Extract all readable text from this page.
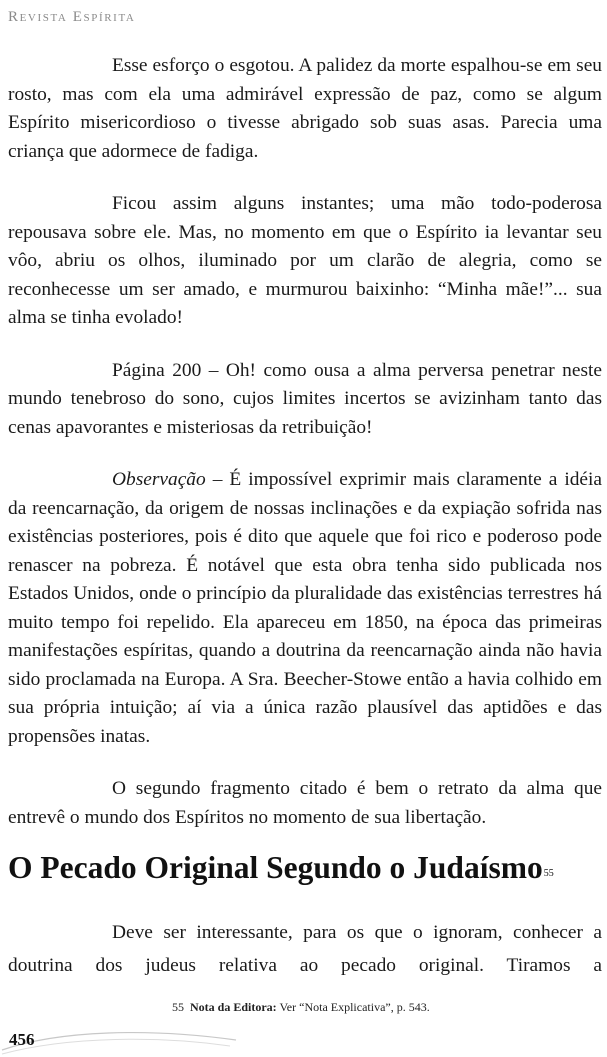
Revista Espírita

Esse esforço o esgotou. A palidez da morte espalhou-se em seu rosto, mas com ela uma admirável expressão de paz, como se algum Espírito misericordioso o tivesse abrigado sob suas asas. Parecia uma criança que adormece de fadiga.

Ficou assim alguns instantes; uma mão todo-poderosa repousava sobre ele. Mas, no momento em que o Espírito ia levantar seu vôo, abriu os olhos, iluminado por um clarão de alegria, como se reconhecesse um ser amado, e murmurou baixinho: “Minha mãe!”... sua alma se tinha evolado!

Página 200 – Oh! como ousa a alma perversa penetrar neste mundo tenebroso do sono, cujos limites incertos se avizinham tanto das cenas apavorantes e misteriosas da retribuição!

Observação – É impossível exprimir mais claramente a idéia da reencarnação, da origem de nossas inclinações e da expiação sofrida nas existências posteriores, pois é dito que aquele que foi rico e poderoso pode renascer na pobreza. É notável que esta obra tenha sido publicada nos Estados Unidos, onde o princípio da pluralidade das existências terrestres há muito tempo foi repelido. Ela apareceu em 1850, na época das primeiras manifestações espíritas, quando a doutrina da reencarnação ainda não havia sido proclamada na Europa. A Sra. Beecher-Stowe então a havia colhido em sua própria intuição; aí via a única razão plausível das aptidões e das propensões inatas.

O segundo fragmento citado é bem o retrato da alma que entrevê o mundo dos Espíritos no momento de sua libertação.

O Pecado Original Segundo o Judaísmo$^{55}$

Deve ser interessante, para os que o ignoram, conhecer a doutrina dos judeus relativa ao pecado original. Tiramos a

55 Nota da Editora: Ver “Nota Explicativa”, p. 543.
456
